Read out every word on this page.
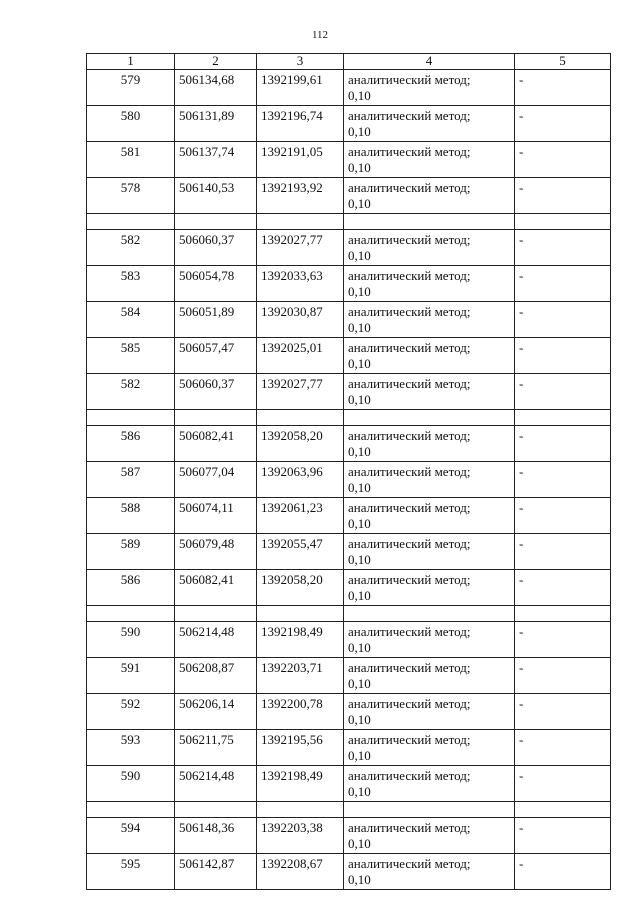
112
1	2	3	4	5
579	506134,68	1392199,61	аналитический метод;
0,10	-
580	506131,89	1392196,74	аналитический метод;
0,10	-
581	506137,74	1392191,05	аналитический метод;
0,10	-
578	506140,53	1392193,92	аналитический метод;
0,10	-

582	506060,37	1392027,77	аналитический метод;
0,10	-
583	506054,78	1392033,63	аналитический метод;
0,10	-
584	506051,89	1392030,87	аналитический метод;
0,10	-
585	506057,47	1392025,01	аналитический метод;
0,10	-
582	506060,37	1392027,77	аналитический метод;
0,10	-

586	506082,41	1392058,20	аналитический метод;
0,10	-
587	506077,04	1392063,96	аналитический метод;
0,10	-
588	506074,11	1392061,23	аналитический метод;
0,10	-
589	506079,48	1392055,47	аналитический метод;
0,10	-
586	506082,41	1392058,20	аналитический метод;
0,10	-

590	506214,48	1392198,49	аналитический метод;
0,10	-
591	506208,87	1392203,71	аналитический метод;
0,10	-
592	506206,14	1392200,78	аналитический метод;
0,10	-
593	506211,75	1392195,56	аналитический метод;
0,10	-
590	506214,48	1392198,49	аналитический метод;
0,10	-

594	506148,36	1392203,38	аналитический метод;
0,10	-
595	506142,87	1392208,67	аналитический метод;
0,10	-
